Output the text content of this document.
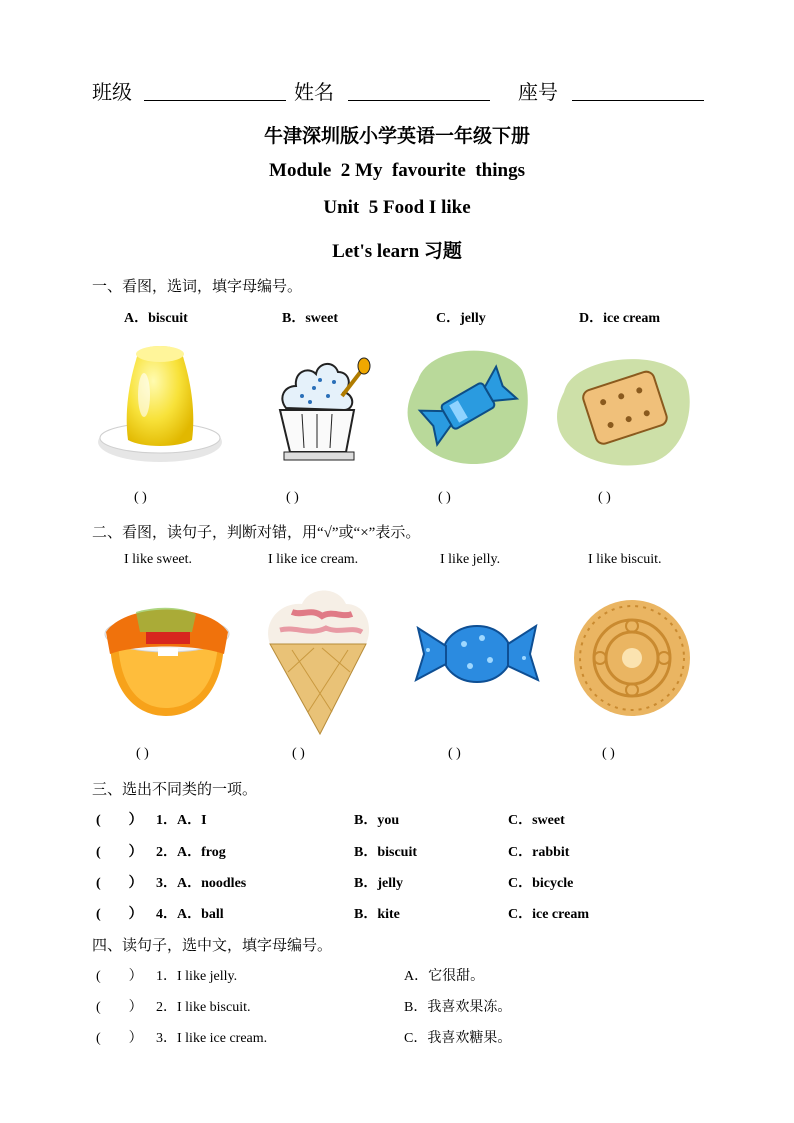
班级	姓名	座号
牛津深圳版小学英语一年级下册
Module  2 My  favourite  things
Unit  5 Food I like
Let's learn 习题
一、看图，选词，填字母编号。
A．biscuit	B．sweet	C．jelly	D．ice cream
( )	( )	( )	( )
二、看图，读句子，判断对错，用“√”或“×”表示。
I like sweet.	I like ice cream.	I like jelly.	I like biscuit.
( )	( )	( )	( )
三、选出不同类的一项。
(        ） 1．A．I	B．you	C．sweet
(        ） 2．A．frog	B．biscuit	C．rabbit
(        ） 3．A．noodles	B．jelly	C．bicycle
(        ） 4．A．ball	B．kite	C．ice cream
四、读句子，选中文，填字母编号。
(        ） 1．I like jelly.	A．它很甜。
(        ） 2．I like biscuit.	B．我喜欢果冻。
(        ） 3．I like ice cream.	C．我喜欢糖果。
